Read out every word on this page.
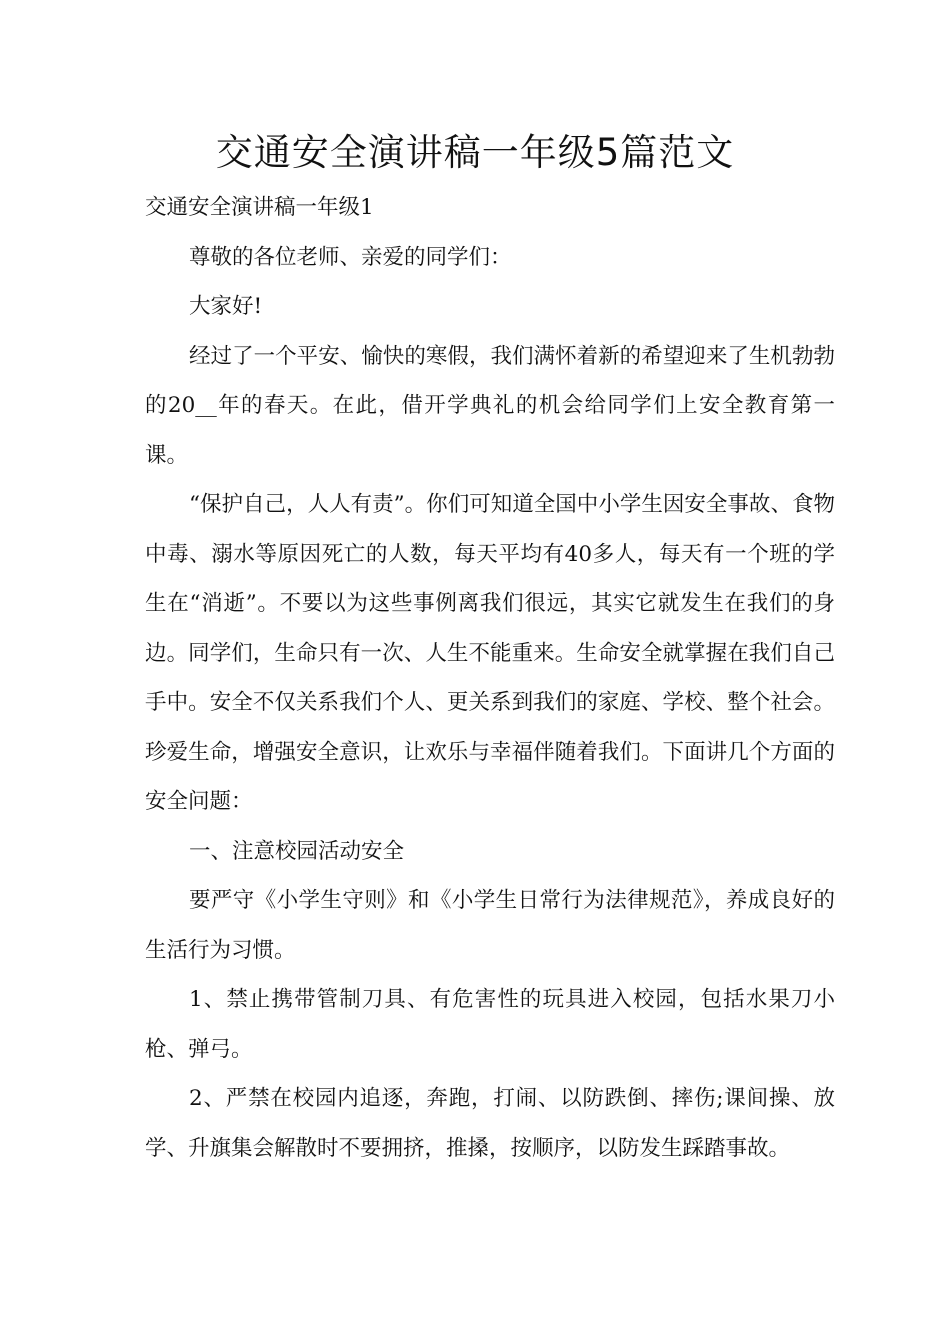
交通安全演讲稿一年级5篇范文

交通安全演讲稿一年级1

尊敬的各位老师、亲爱的同学们：

大家好!

经过了一个平安、愉快的寒假，我们满怀着新的希望迎来了生机勃勃的20__年的春天。在此，借开学典礼的机会给同学们上安全教育第一课。

“保护自己，人人有责”。你们可知道全国中小学生因安全事故、食物中毒、溺水等原因死亡的人数，每天平均有40多人，每天有一个班的学生在“消逝”。不要以为这些事例离我们很远，其实它就发生在我们的身边。同学们，生命只有一次、人生不能重来。生命安全就掌握在我们自己手中。安全不仅关系我们个人、更关系到我们的家庭、学校、整个社会。珍爱生命，增强安全意识，让欢乐与幸福伴随着我们。下面讲几个方面的安全问题：

一、注意校园活动安全

要严守《小学生守则》和《小学生日常行为法律规范》，养成良好的生活行为习惯。

1、禁止携带管制刀具、有危害性的玩具进入校园，包括水果刀小枪、弹弓。

2、严禁在校园内追逐，奔跑，打闹、以防跌倒、摔伤;课间操、放学、升旗集会解散时不要拥挤，推搡，按顺序，以防发生踩踏事故。
